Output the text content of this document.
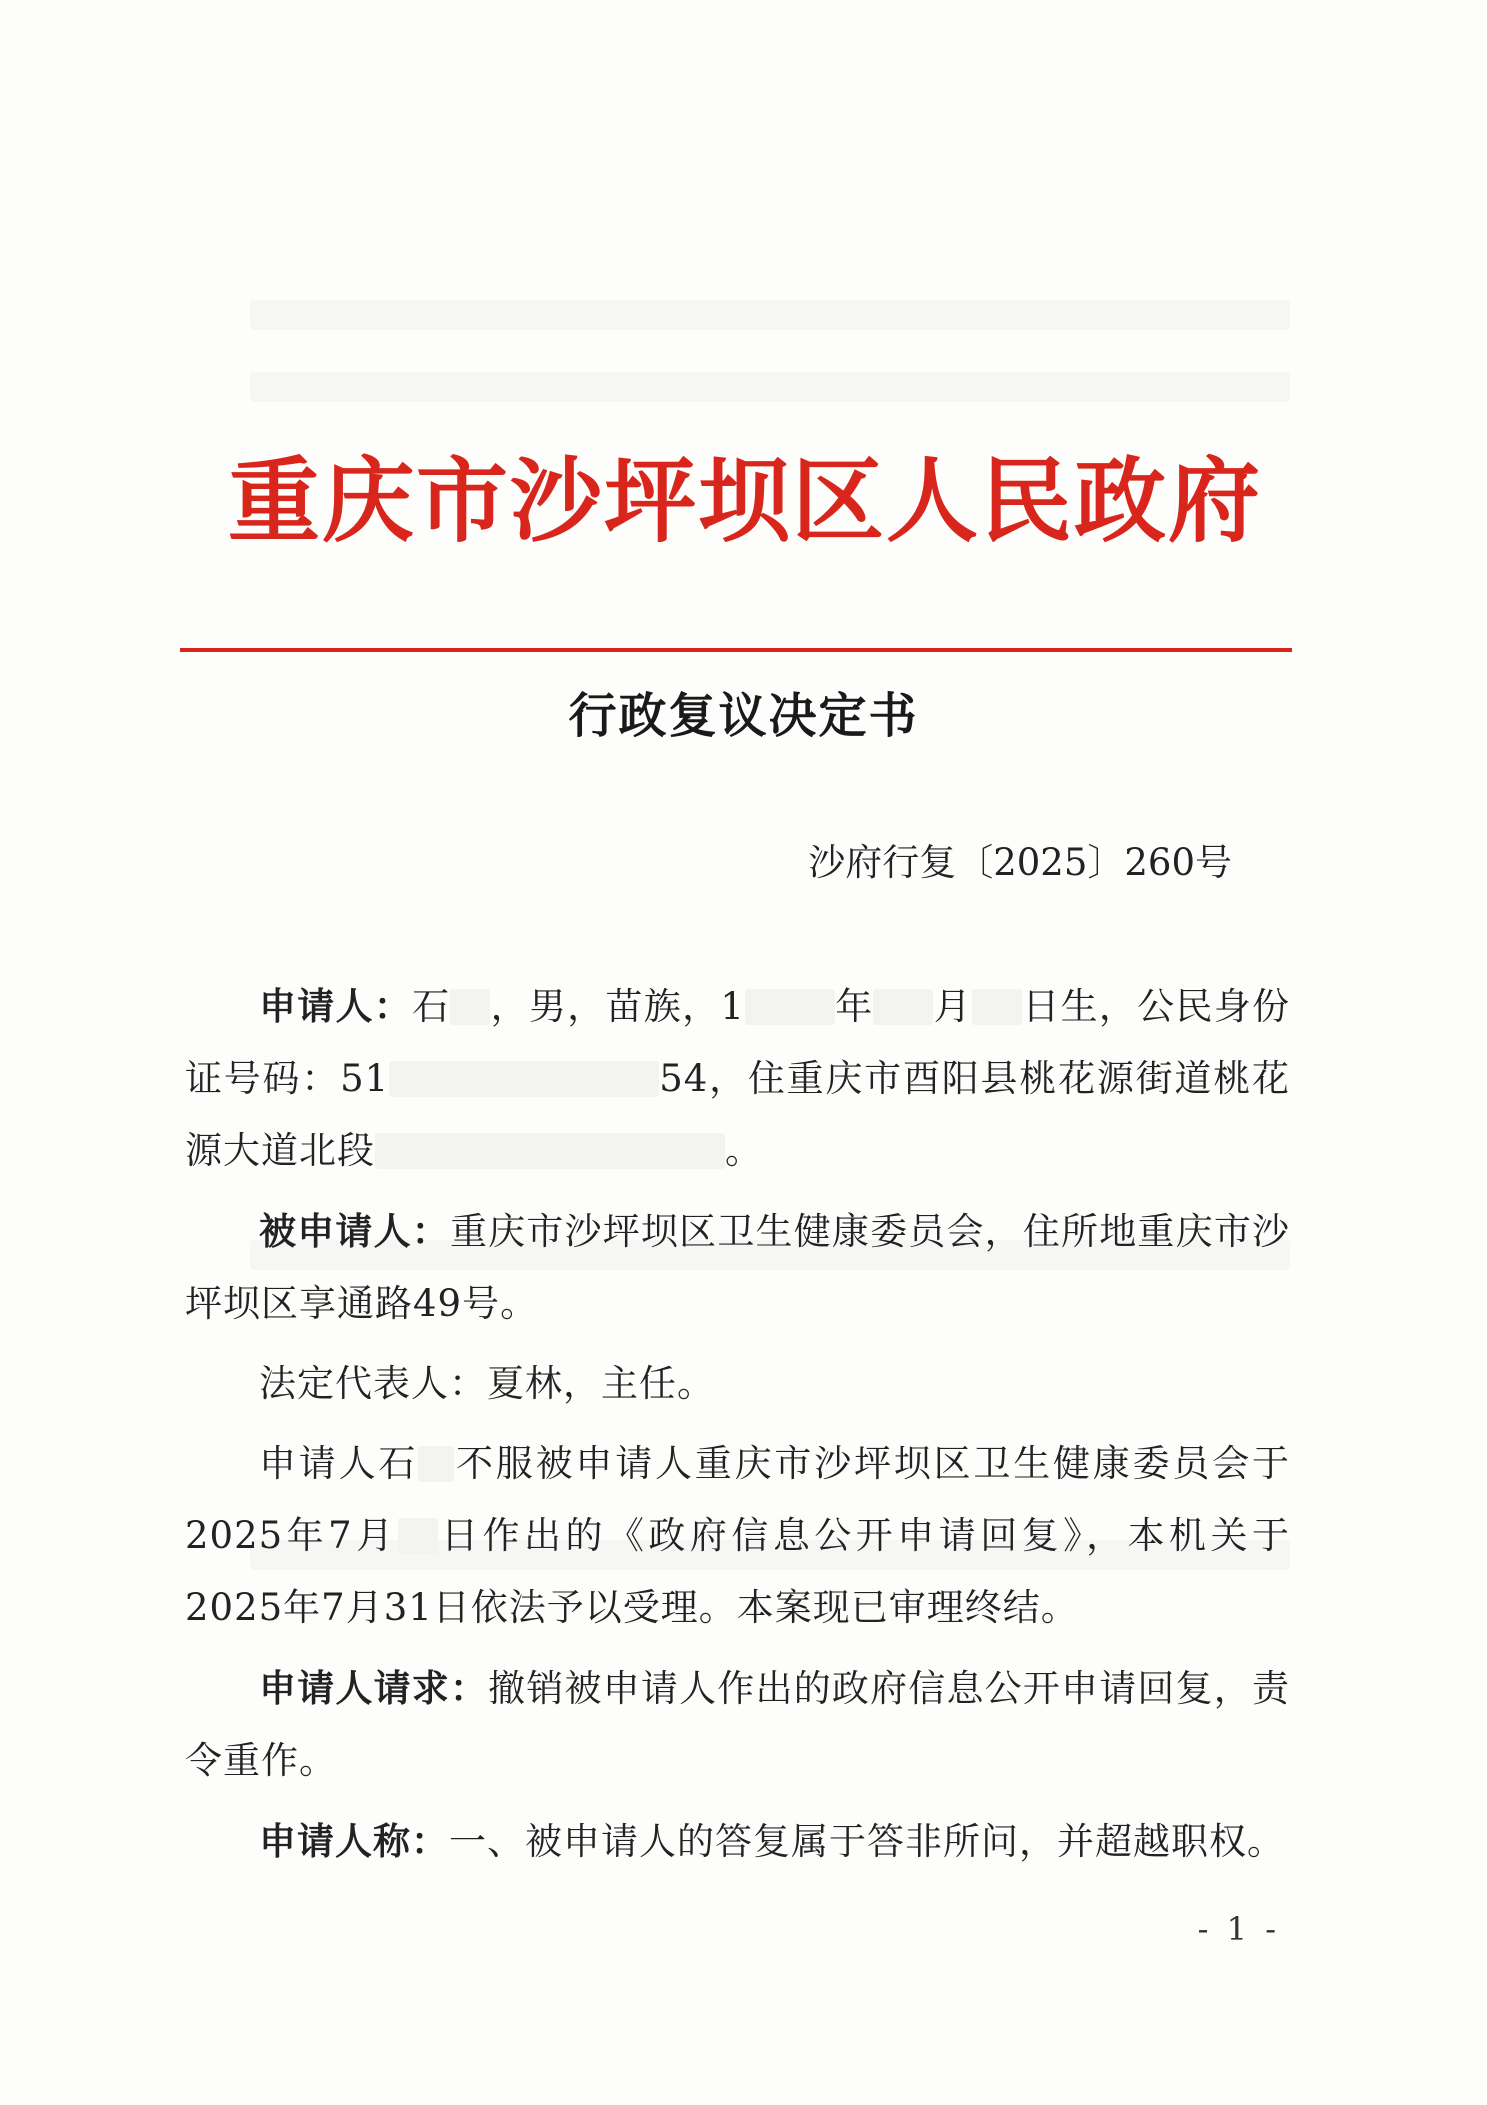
重庆市沙坪坝区人民政府
行政复议决定书
沙府行复〔2025〕260号

申请人：石 ，男，苗族，1 年 月 日生，公民身份证号码：51	54，住重庆市酉阳县桃花源街道桃花源大道北段	。

被申请人：重庆市沙坪坝区卫生健康委员会，住所地重庆市沙坪坝区享通路49号。

法定代表人：夏林，主任。

申请人石 不服被申请人重庆市沙坪坝区卫生健康委员会于2025年7月 日作出的《政府信息公开申请回复》，本机关于2025年7月31日依法予以受理。本案现已审理终结。

申请人请求：撤销被申请人作出的政府信息公开申请回复，责令重作。

申请人称：一、被申请人的答复属于答非所问，并超越职权。

- 1 -
